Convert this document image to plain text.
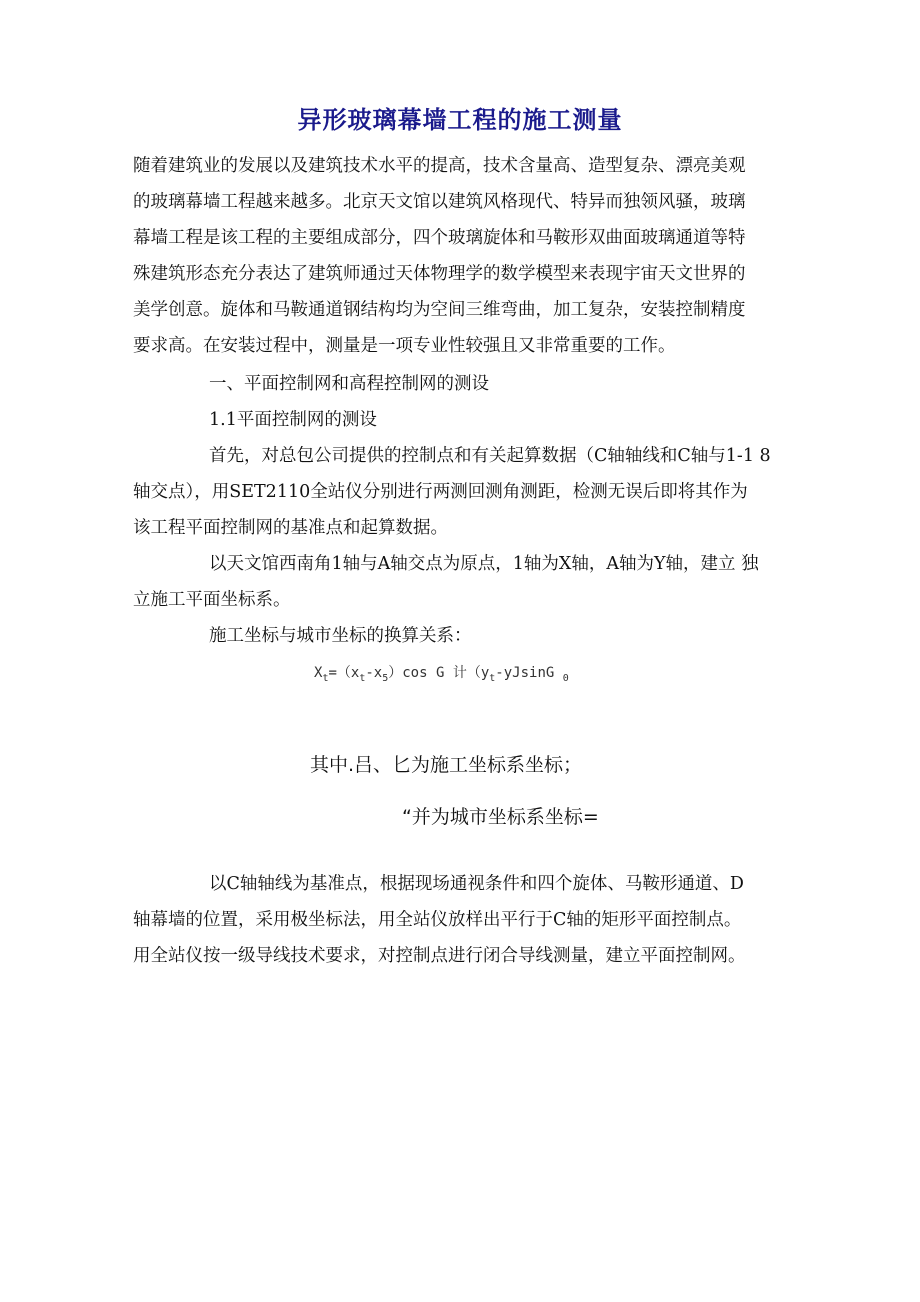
异形玻璃幕墙工程的施工测量
随着建筑业的发展以及建筑技术水平的提高，技术含量高、造型复杂、漂亮美观
的玻璃幕墙工程越来越多。北京天文馆以建筑风格现代、特异而独领风骚，玻璃
幕墙工程是该工程的主要组成部分，四个玻璃旋体和马鞍形双曲面玻璃通道等特
殊建筑形态充分表达了建筑师通过天体物理学的数学模型来表现宇宙天文世界的
美学创意。旋体和马鞍通道钢结构均为空间三维弯曲，加工复杂，安装控制精度
要求高。在安装过程中，测量是一项专业性较强且又非常重要的工作。
一、平面控制网和高程控制网的测设
1.1平面控制网的测设
首先，对总包公司提供的控制点和有关起算数据（C轴轴线和C轴与1-1 8
轴交点），用SET2110全站仪分别进行两测回测角测距，检测无误后即将其作为
该工程平面控制网的基准点和起算数据。
以天文馆西南角1轴与A轴交点为原点，1轴为X轴，A轴为Y轴，建立 独
立施工平面坐标系。
施工坐标与城市坐标的换算关系：
$X_t=(x_t-x_5)\cos$ G 计（$y_t$-yJsinG $_0$
其中.吕、匕为施工坐标系坐标；
“并为城市坐标系坐标=
以C轴轴线为基准点，根据现场通视条件和四个旋体、马鞍形通道、D
轴幕墙的位置，采用极坐标法，用全站仪放样出平行于C轴的矩形平面控制点。
用全站仪按一级导线技术要求，对控制点进行闭合导线测量，建立平面控制网。
